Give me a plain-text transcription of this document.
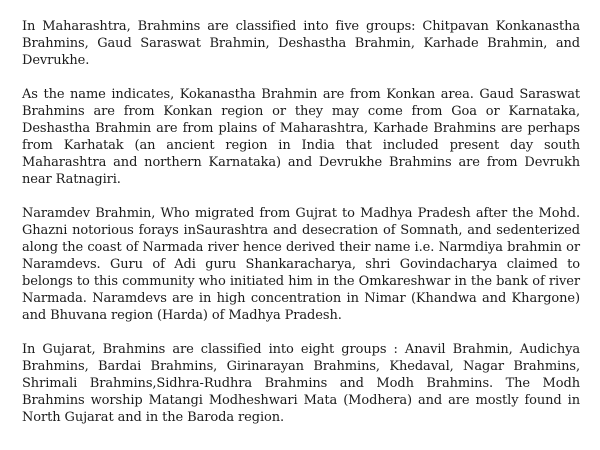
In Maharashtra, Brahmins are classified into five groups: Chitpavan Konkanastha Brahmins, Gaud Saraswat Brahmin, Deshastha Brahmin, Karhade Brahmin, and Devrukhe.

As the name indicates, Kokanastha Brahmin are from Konkan area. Gaud Saraswat Brahmins are from Konkan region or they may come from Goa or Karnataka, Deshastha Brahmin are from plains of Maharashtra, Karhade Brahmins are perhaps from Karhatak (an ancient region in India that included present day south Maharashtra and northern Karnataka) and Devrukhe Brahmins are from Devrukh near Ratnagiri.

Naramdev Brahmin, Who migrated from Gujrat to Madhya Pradesh after the Mohd. Ghazni notorious forays inSaurashtra and desecration of Somnath, and sedenterized along the coast of Narmada river hence derived their name i.e. Narmdiya brahmin or Naramdevs. Guru of Adi guru Shankaracharya, shri Govindacharya claimed to belongs to this community who initiated him in the Omkareshwar in the bank of river Narmada. Naramdevs are in high concentration in Nimar (Khandwa and Khargone) and Bhuvana region (Harda) of Madhya Pradesh.

In Gujarat, Brahmins are classified into eight groups : Anavil Brahmin, Audichya Brahmins, Bardai Brahmins, Girinarayan Brahmins, Khedaval, Nagar Brahmins, Shrimali Brahmins,Sidhra-Rudhra Brahmins and Modh Brahmins. The Modh Brahmins worship Matangi Modheshwari Mata (Modhera) and are mostly found in North Gujarat and in the Baroda region.
